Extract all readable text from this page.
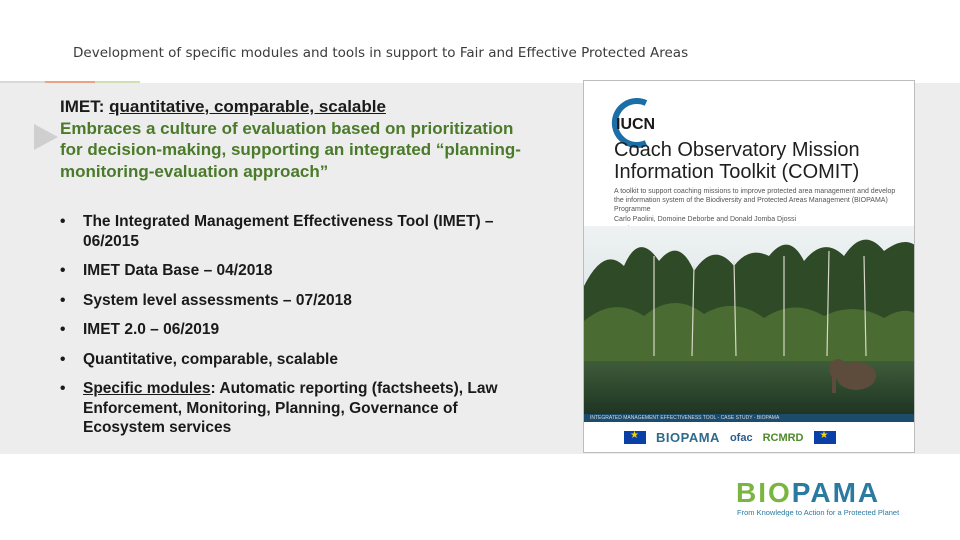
Development of specific modules and tools in support to Fair and Effective Protected Areas
IMET: quantitative, comparable, scalable
Embraces a culture of evaluation based on prioritization for decision-making, supporting an integrated “planning-monitoring-evaluation approach”
• The Integrated Management Effectiveness Tool (IMET) – 06/2015
• IMET Data Base – 04/2018
• System level assessments – 07/2018
• IMET 2.0 – 06/2019
• Quantitative, comparable, scalable
• Specific modules: Automatic reporting (factsheets), Law Enforcement, Monitoring, Planning, Governance of Ecosystem services
IUCN
Coach Observatory Mission Information Toolkit (COMIT)
A toolkit to support coaching missions to improve protected area management and develop the information system of the Biodiversity and Protected Areas Management (BIOPAMA) Programme
Carlo Paolini, Domoine Deborbe and Donald Jomba Djossi
INTEGRATED MANAGEMENT EFFECTIVENESS TOOL - CASE STUDY - BIOPAMA
★
BIOPAMA ofac RCMRD
★
BIOPAMA
From Knowledge to Action for a Protected Planet
